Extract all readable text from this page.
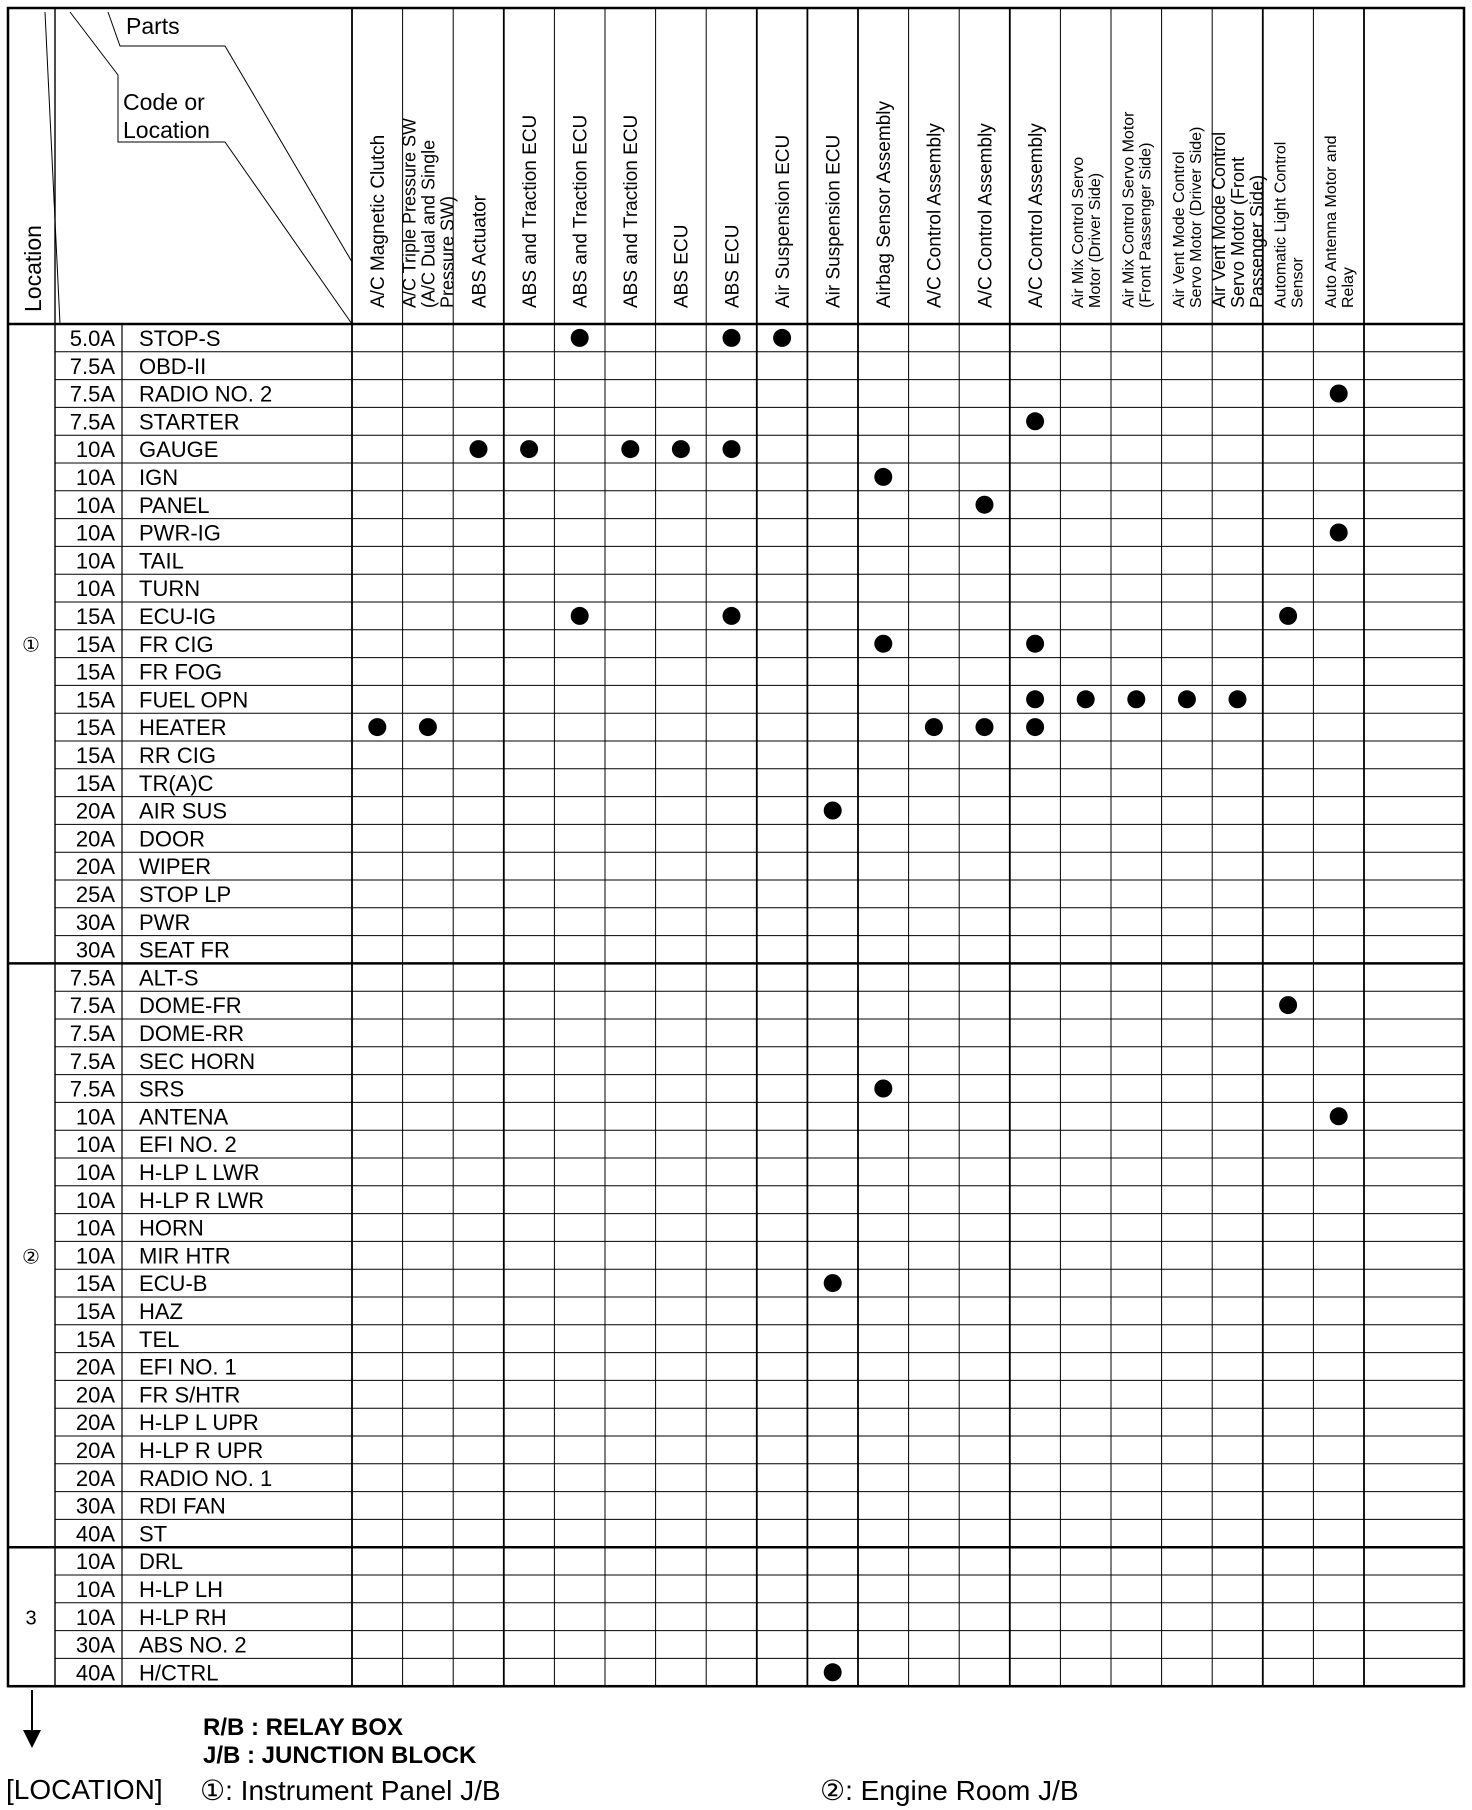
Parts
Code or
Location
Location	A/C Magnetic Clutch A/C Triple Pressure SW (A/C Dual and Single Pressure SW) ABS Actuator ABS and Traction ECU ABS and Traction ECU ABS and Traction ECU ABS ECU ABS ECU Air Suspension ECU Air Suspension ECU Airbag Sensor Assembly A/C Control Assembly A/C Control Assembly A/C Control Assembly Air Mix Control Servo Motor (Driver Side) Air Mix Control Servo Motor (Front Passenger Side) Air Vent Mode Control Servo Motor (Driver Side) Air Vent Mode Control Servo Motor (Front Passenger Side) Automatic Light Control Sensor Auto Antenna Motor and Relay
5.0A STOP-S
7.5A OBD-II
7.5A RADIO NO. 2
7.5A STARTER
10A GAUGE
10A IGN
10A PANEL
10A PWR-IG
10A TAIL
10A TURN
15A ECU-IG
15A FR CIG
15A FR FOG
15A FUEL OPN
15A HEATER
15A RR CIG
15A TR(A)C
20A AIR SUS
20A DOOR
20A WIPER
25A STOP LP
30A PWR
30A SEAT FR
①
7.5A ALT-S
7.5A DOME-FR
7.5A DOME-RR
7.5A SEC HORN
7.5A SRS
10A ANTENA
10A EFI NO. 2
10A H-LP L LWR
10A H-LP R LWR
10A HORN
10A MIR HTR
15A ECU-B
15A HAZ
15A TEL
20A EFI NO. 1
20A FR S/HTR
20A H-LP L UPR
20A H-LP R UPR
20A RADIO NO. 1
30A RDI FAN
40A ST
②
10A DRL
10A H-LP LH
10A H-LP RH
30A ABS NO. 2
40A H/CTRL
3
R/B : RELAY BOX
J/B : JUNCTION BLOCK
[LOCATION] ①: Instrument Panel J/B	②: Engine Room J/B
